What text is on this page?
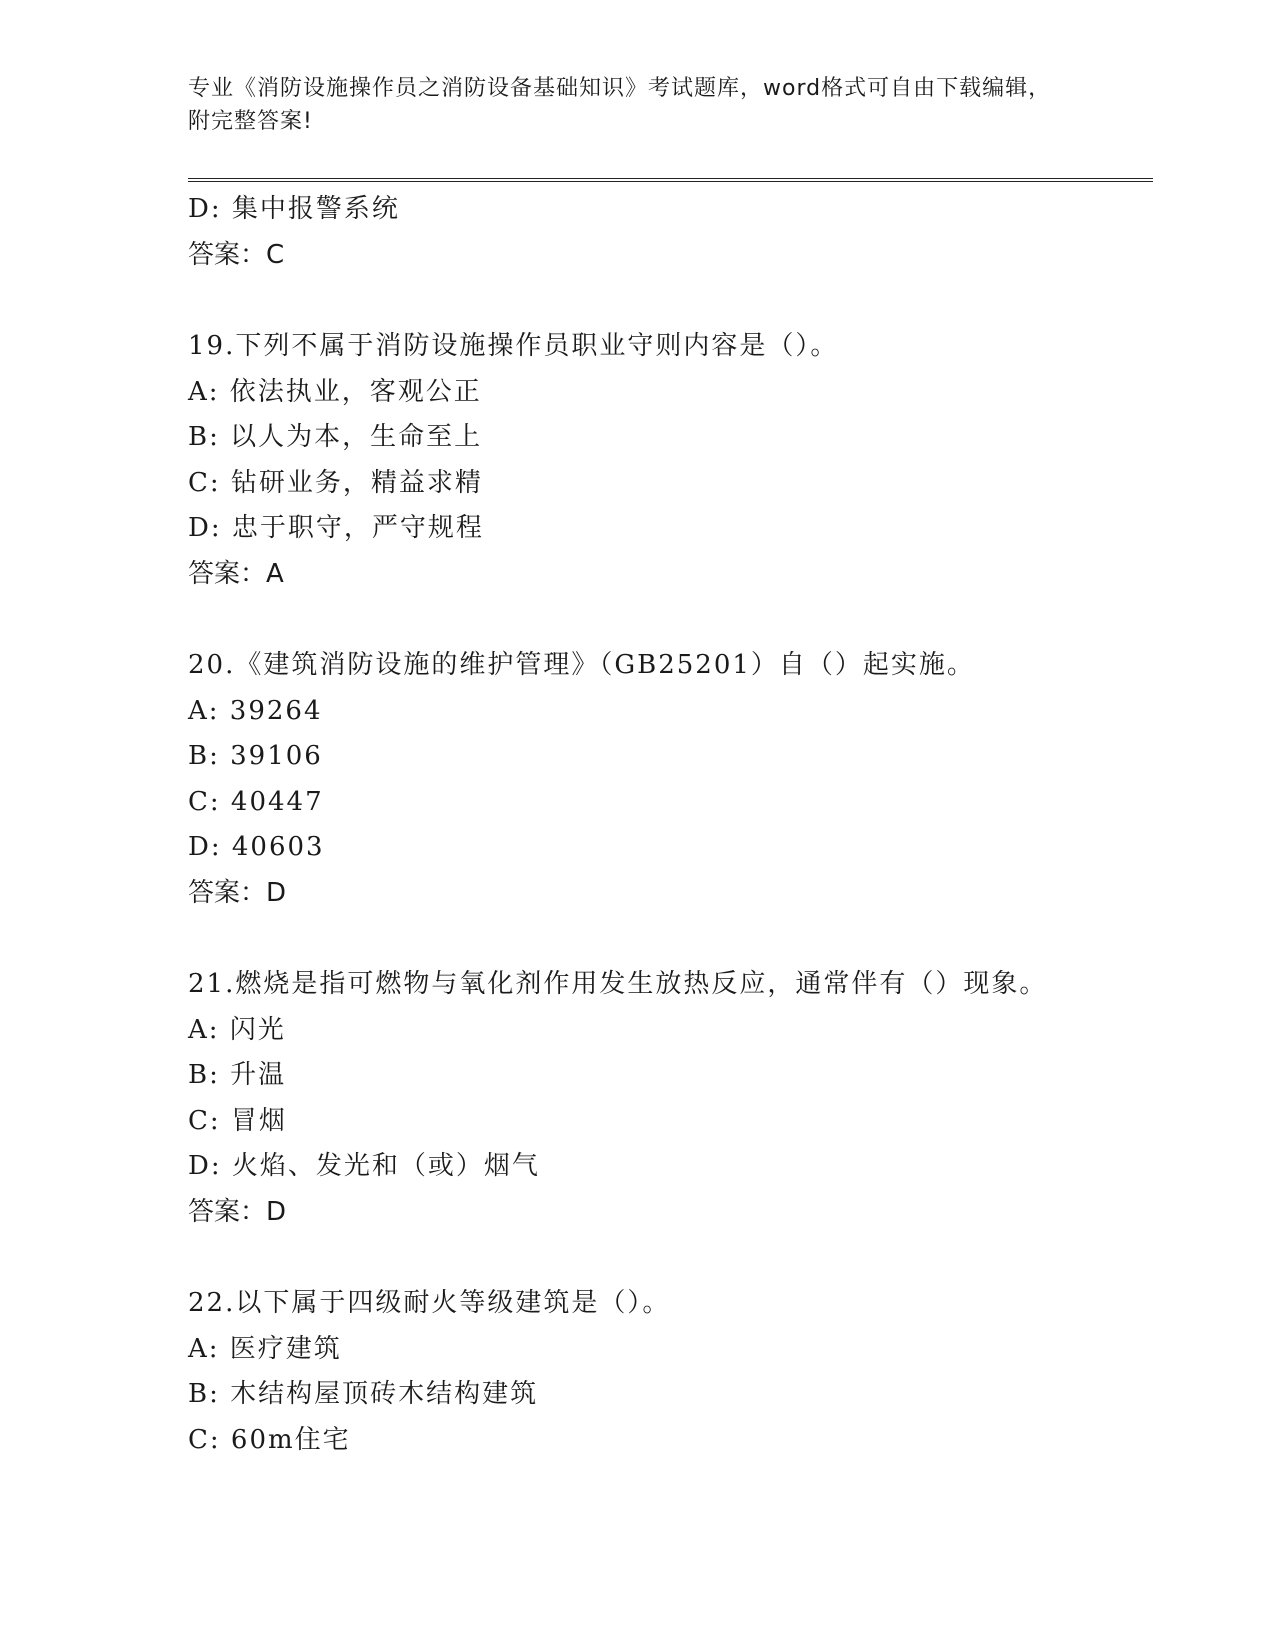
专业《消防设施操作员之消防设备基础知识》考试题库，word格式可自由下载编辑，附完整答案!
D: 集中报警系统
答案：C
19.下列不属于消防设施操作员职业守则内容是（）。
A: 依法执业，客观公正
B: 以人为本，生命至上
C: 钻研业务，精益求精
D: 忠于职守，严守规程
答案：A
20.《建筑消防设施的维护管理》（GB25201）自（）起实施。
A: 39264
B: 39106
C: 40447
D: 40603
答案：D
21.燃烧是指可燃物与氧化剂作用发生放热反应，通常伴有（）现象。
A: 闪光
B: 升温
C: 冒烟
D: 火焰、发光和（或）烟气
答案：D
22.以下属于四级耐火等级建筑是（）。
A: 医疗建筑
B: 木结构屋顶砖木结构建筑
C: 60m住宅
